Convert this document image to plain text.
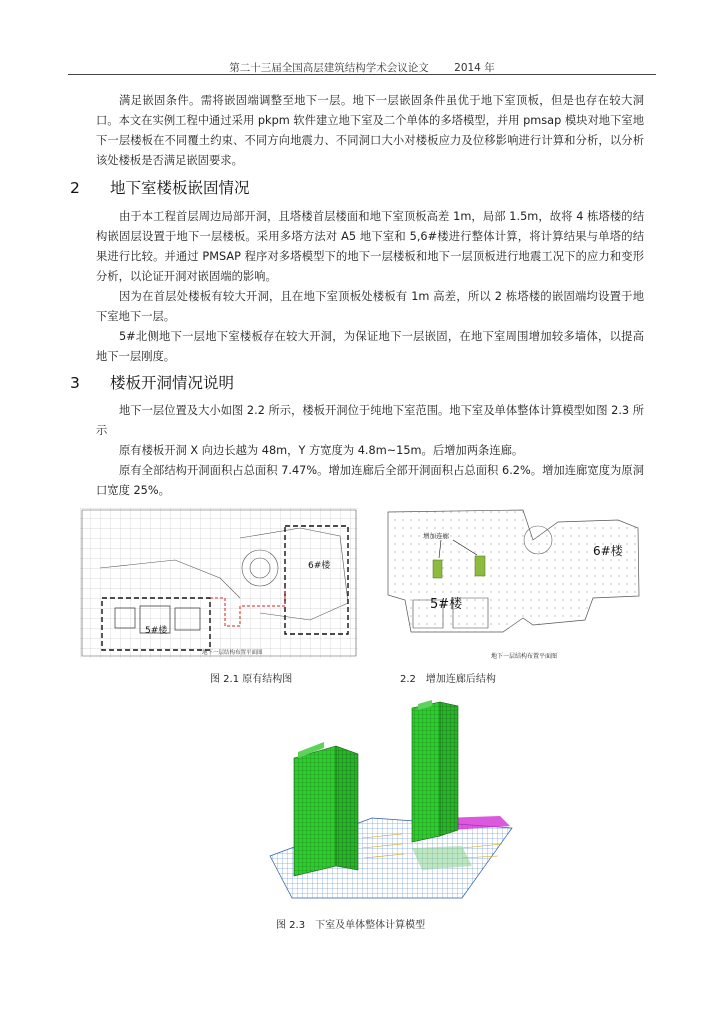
第二十三届全国高层建筑结构学术会议论文 2014 年
满足嵌固条件。需将嵌固端调整至地下一层。地下一层嵌固条件虽优于地下室顶板，但是也存在较大洞口。本文在实例工程中通过采用 pkpm 软件建立地下室及二个单体的多塔模型，并用 pmsap 模块对地下室地下一层楼板在不同覆土约束、不同方向地震力、不同洞口大小对楼板应力及位移影响进行计算和分析，以分析该处楼板是否满足嵌固要求。
2 地下室楼板嵌固情况
由于本工程首层周边局部开洞，且塔楼首层楼面和地下室顶板高差 1m，局部 1.5m，故将 4 栋塔楼的结构嵌固层设置于地下一层楼板。采用多塔方法对 A5 地下室和 5,6#楼进行整体计算，将计算结果与单塔的结果进行比较。并通过 PMSAP 程序对多塔模型下的地下一层楼板和地下一层顶板进行地震工况下的应力和变形分析，以论证开洞对嵌固端的影响。
因为在首层处楼板有较大开洞，且在地下室顶板处楼板有 1m 高差，所以 2 栋塔楼的嵌固端均设置于地下室地下一层。
5#北侧地下一层地下室楼板存在较大开洞，为保证地下一层嵌固，在地下室周围增加较多墙体，以提高地下一层刚度。
3 楼板开洞情况说明
地下一层位置及大小如图 2.2 所示，楼板开洞位于纯地下室范围。地下室及单体整体计算模型如图 2.3 所示
原有楼板开洞 X 向边长越为 48m，Y 方宽度为 4.8m~15m。后增加两条连廊。
原有全部结构开洞面积占总面积 7.47%。增加连廊后全部开洞面积占总面积 6.2%。增加连廊宽度为原洞口宽度 25%。
6#楼
5#楼
地下一层结构布置平面图
增加连廊
6#楼
5#楼
地下一层结构布置平面图
图 2.1 原有结构图	2.2　增加连廊后结构
图 2.3　下室及单体整体计算模型
